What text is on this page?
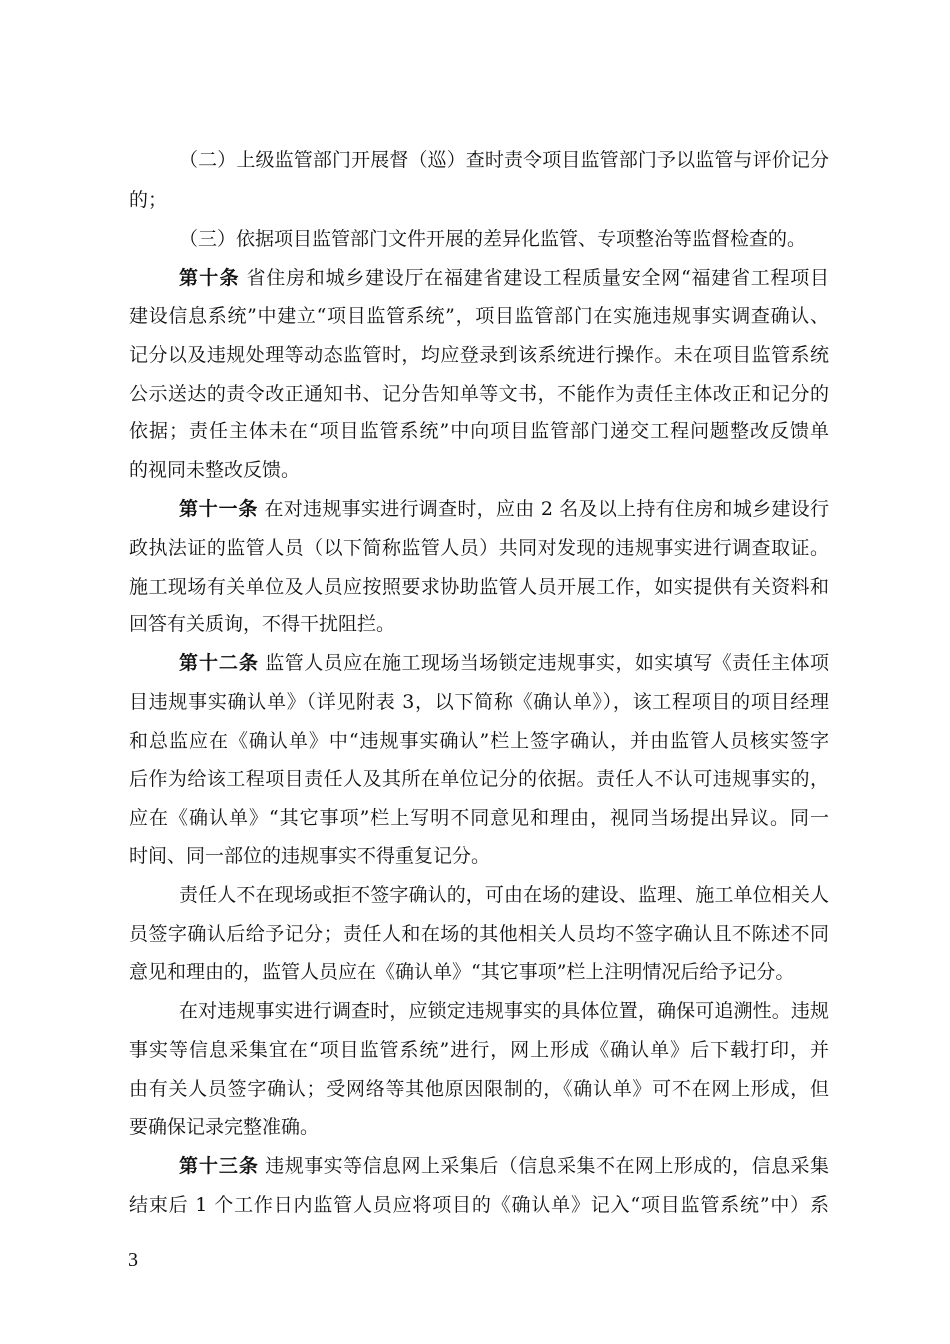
（二）上级监管部门开展督（巡）查时责令项目监管部门予以监管与评价记分
的；
（三）依据项目监管部门文件开展的差异化监管、专项整治等监督检查的。
第十条 省住房和城乡建设厅在福建省建设工程质量安全网“福建省工程项目
建设信息系统”中建立“项目监管系统”，项目监管部门在实施违规事实调查确认、
记分以及违规处理等动态监管时，均应登录到该系统进行操作。未在项目监管系统
公示送达的责令改正通知书、记分告知单等文书，不能作为责任主体改正和记分的
依据；责任主体未在“项目监管系统”中向项目监管部门递交工程问题整改反馈单
的视同未整改反馈。
第十一条 在对违规事实进行调查时，应由 2 名及以上持有住房和城乡建设行
政执法证的监管人员（以下简称监管人员）共同对发现的违规事实进行调查取证。
施工现场有关单位及人员应按照要求协助监管人员开展工作，如实提供有关资料和
回答有关质询，不得干扰阻拦。
第十二条 监管人员应在施工现场当场锁定违规事实，如实填写《责任主体项
目违规事实确认单》（详见附表 3，以下简称《确认单》），该工程项目的项目经理
和总监应在《确认单》中“违规事实确认”栏上签字确认，并由监管人员核实签字
后作为给该工程项目责任人及其所在单位记分的依据。责任人不认可违规事实的，
应在《确认单》“其它事项”栏上写明不同意见和理由，视同当场提出异议。同一
时间、同一部位的违规事实不得重复记分。
责任人不在现场或拒不签字确认的，可由在场的建设、监理、施工单位相关人
员签字确认后给予记分；责任人和在场的其他相关人员均不签字确认且不陈述不同
意见和理由的，监管人员应在《确认单》“其它事项”栏上注明情况后给予记分。
在对违规事实进行调查时，应锁定违规事实的具体位置，确保可追溯性。违规
事实等信息采集宜在“项目监管系统”进行，网上形成《确认单》后下载打印，并
由有关人员签字确认；受网络等其他原因限制的，《确认单》可不在网上形成，但
要确保记录完整准确。
第十三条 违规事实等信息网上采集后（信息采集不在网上形成的，信息采集
结束后 1 个工作日内监管人员应将项目的《确认单》记入“项目监管系统”中）系
3
